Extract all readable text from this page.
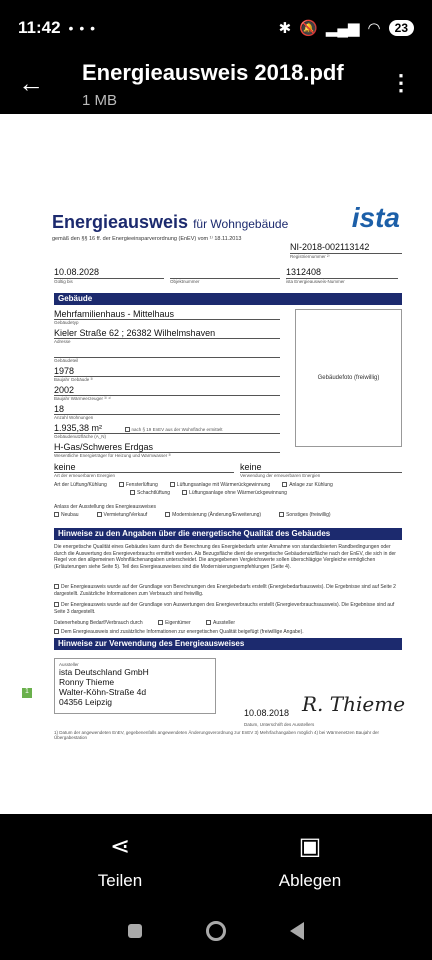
11:42 • • •	✱ 🔕 ▂▄▆ ◠	23
← Energieausweis 2018.pdf
1 MB
⋮
Energieausweis für Wohngebäude
gemäß den §§ 16 ff. der Energieeinsparverordnung (EnEV) vom ¹⁾ 18.11.2013
ista
NI-2018-002113142
Registriernummer ²⁾
10.08.2028
Gültig bis
	Objektnummer
1312408
ista Energieausweis-Nummer
Gebäude
Mehrfamilienhaus - Mittelhaus
Gebäudetyp
Kieler Straße 62 ; 26382 Wilhelmshaven
Adresse

Gebäudeteil
1978
Baujahr Gebäude ³⁾
2002
Baujahr Wärmeerzeuger ³⁾ ⁴⁾
18
Anzahl Wohnungen
1.935,38 m²	nach § 19 EnEV aus der Wohnfläche ermittelt
Gebäudenutzfläche (A_N)
H-Gas/Schweres Erdgas
Wesentliche Energieträger für Heizung und Warmwasser ³⁾
keine
Art der erneuerbaren Energien
keine
Verwendung der erneuerbaren Energien
Gebäudefoto (freiwillig)
Art der Lüftung/Kühlung	Fensterlüftung	Lüftungsanlage mit Wärmerückgewinnung	Anlage zur Kühlung
Schachtlüftung	Lüftungsanlage ohne Wärmerückgewinnung
Anlass der Ausstellung des Energieausweises
Neubau	Vermietung/Verkauf	Modernisierung (Änderung/Erweiterung)	Sonstiges (freiwillig)
Hinweise zu den Angaben über die energetische Qualität des Gebäudes
Die energetische Qualität eines Gebäudes kann durch die Berechnung des Energiebedarfs unter Annahme von standardisierten Randbedingungen oder durch die Auswertung des Energieverbrauchs ermittelt werden. Als Bezugsfläche dient die energetische Gebäudenutzfläche nach der EnEV, die sich in der Regel von den allgemeinen Wohnflächenangaben unterscheidet. Die angegebenen Vergleichswerte sollen überschlägige Vergleiche ermöglichen (Erläuterungen siehe Seite 5). Teil des Energieausweises sind die Modernisierungsempfehlungen (Seite 4).
Der Energieausweis wurde auf der Grundlage von Berechnungen des Energiebedarfs erstellt (Energiebedarfsausweis). Die Ergebnisse sind auf Seite 2 dargestellt. Zusätzliche Informationen zum Verbrauch sind freiwillig.
Der Energieausweis wurde auf der Grundlage von Auswertungen des Energieverbrauchs erstellt (Energieverbrauchsausweis). Die Ergebnisse sind auf Seite 3 dargestellt.
Datenerhebung Bedarf/Verbrauch durch	Eigentümer	Aussteller
Dem Energieausweis sind zusätzliche Informationen zur energetischen Qualität beigefügt (freiwillige Angabe).
Hinweise zur Verwendung des Energieausweises
Aussteller
ista Deutschland GmbH
Ronny Thieme
Walter-Köhn-Straße 4d
04356 Leipzig
10.08.2018 R. Thieme
Datum, Unterschrift des Ausstellers
1
1) Datum der angewendeten EnEV, gegebenenfalls angewendeten Änderungsverordnung zur EnEV 3) Mehrfachangaben möglich 4) bei Wärmenetzen Baujahr der Übergabestation
⋖
Teilen
▣
Ablegen
